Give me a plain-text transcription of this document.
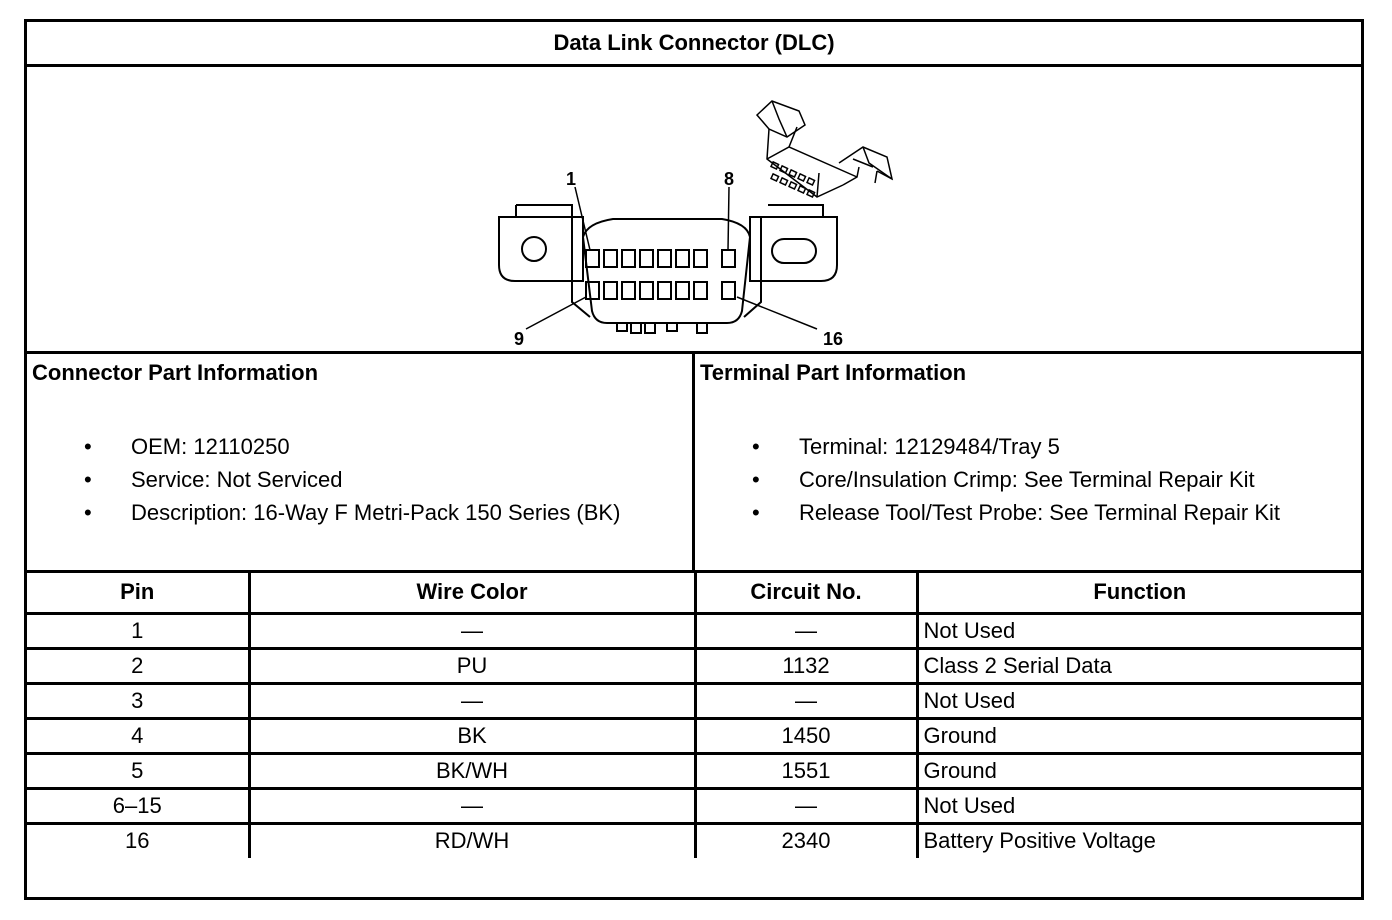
Data Link Connector (DLC)
1	8
9	16
Connector Part Information
• OEM: 12110250
• Service: Not Serviced
• Description: 16-Way F Metri-Pack 150 Series (BK)
Terminal Part Information
• Terminal: 12129484/Tray 5
• Core/Insulation Crimp: See Terminal Repair Kit
• Release Tool/Test Probe: See Terminal Repair Kit
Pin	Wire Color	Circuit No.	Function
1	—	—	Not Used
2	PU	1132	Class 2 Serial Data
3	—	—	Not Used
4	BK	1450	Ground
5	BK/WH	1551	Ground
6–15	—	—	Not Used
16	RD/WH	2340	Battery Positive Voltage
